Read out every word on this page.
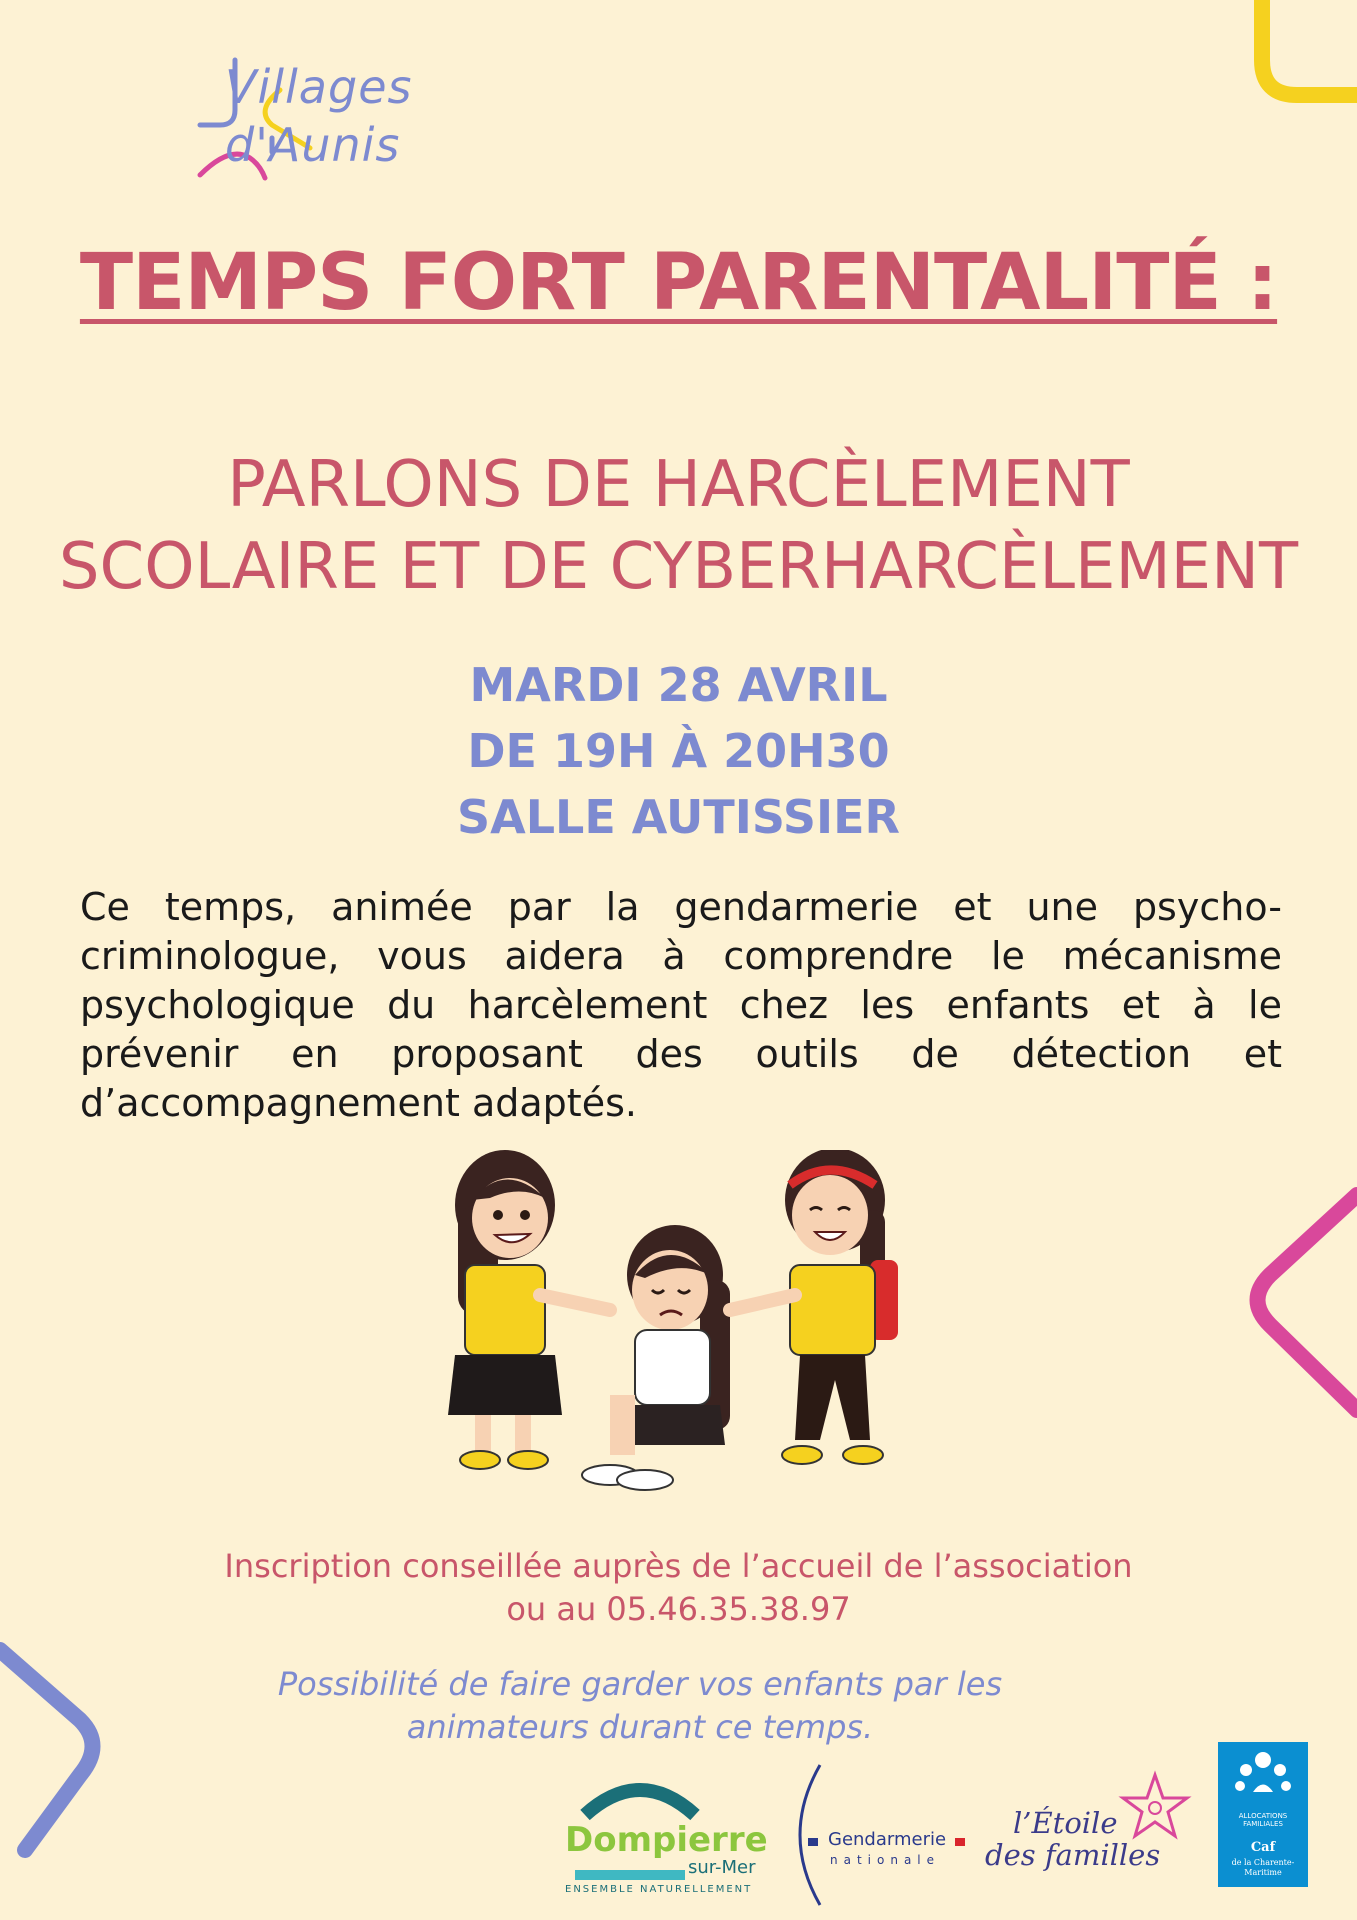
Villages
d'Aunis
TEMPS FORT PARENTALITÉ :
PARLONS DE HARCÈLEMENT
SCOLAIRE ET DE CYBERHARCÈLEMENT
MARDI 28 AVRIL
DE 19H À 20H30
SALLE AUTISSIER
Ce temps, animée par la gendarmerie et une psycho-criminologue, vous aidera à comprendre le mécanisme psychologique du harcèlement chez les enfants et à le prévenir en proposant des outils de détection et d’accompagnement adaptés.
Inscription conseillée auprès de l’accueil de l’association
ou au 05.46.35.38.97
Possibilité de faire garder vos enfants par les
animateurs durant ce temps.
Dompierre
sur-Mer
ENSEMBLE NATURELLEMENT
Gendarmerie
nationale
l’Étoile
des familles
ALLOCATIONS FAMILIALES
Caf
de la Charente-Maritime
